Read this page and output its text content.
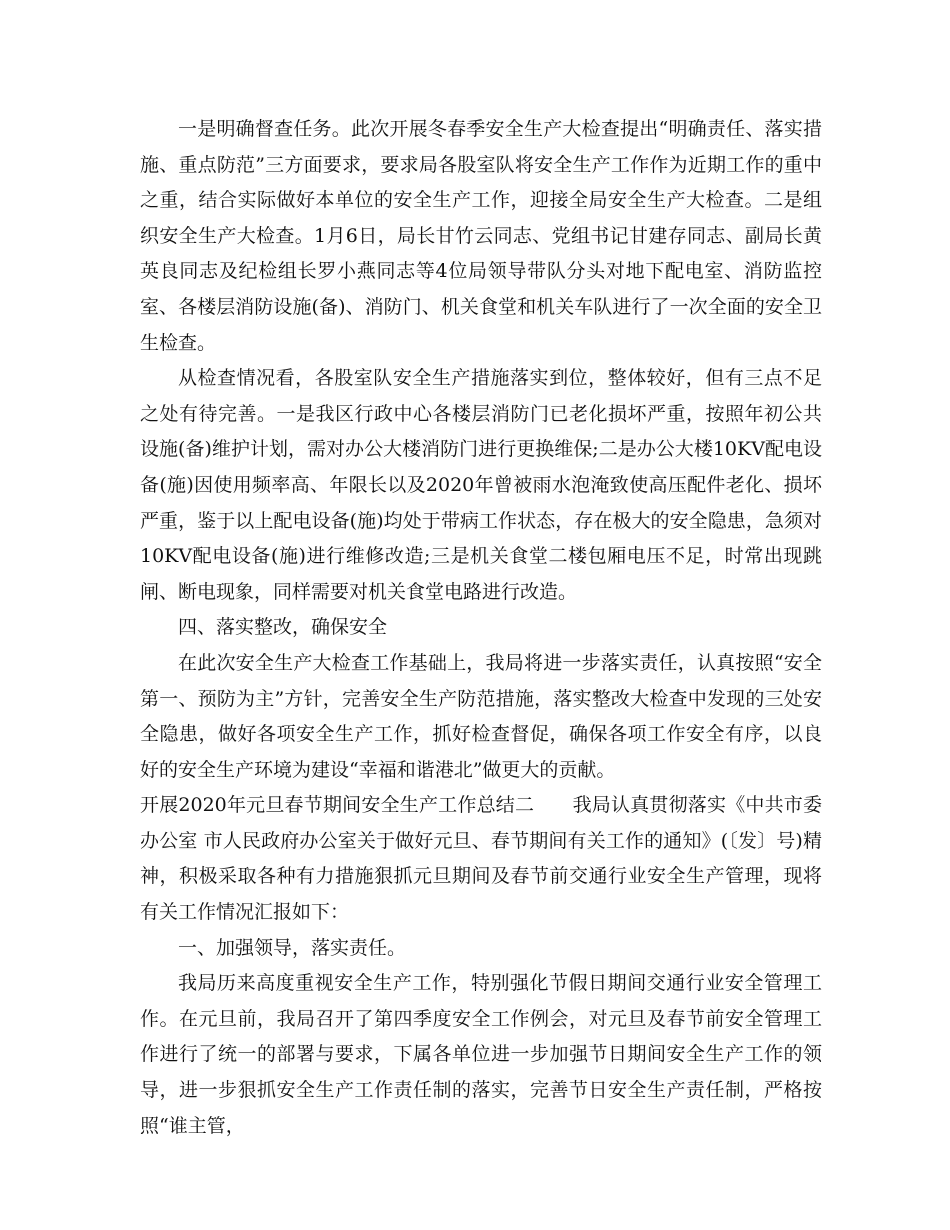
一是明确督查任务。此次开展冬春季安全生产大检查提出“明确责任、落实措施、重点防范”三方面要求，要求局各股室队将安全生产工作作为近期工作的重中之重，结合实际做好本单位的安全生产工作，迎接全局安全生产大检查。二是组织安全生产大检查。1月6日，局长甘竹云同志、党组书记甘建存同志、副局长黄英良同志及纪检组长罗小燕同志等4位局领导带队分头对地下配电室、消防监控室、各楼层消防设施(备)、消防门、机关食堂和机关车队进行了一次全面的安全卫生检查。

从检查情况看，各股室队安全生产措施落实到位，整体较好，但有三点不足之处有待完善。一是我区行政中心各楼层消防门已老化损坏严重，按照年初公共设施(备)维护计划，需对办公大楼消防门进行更换维保;二是办公大楼10KV配电设备(施)因使用频率高、年限长以及2020年曾被雨水泡淹致使高压配件老化、损坏严重，鉴于以上配电设备(施)均处于带病工作状态，存在极大的安全隐患，急须对10KV配电设备(施)进行维修改造;三是机关食堂二楼包厢电压不足，时常出现跳闸、断电现象，同样需要对机关食堂电路进行改造。

四、落实整改，确保安全

在此次安全生产大检查工作基础上，我局将进一步落实责任，认真按照“安全第一、预防为主”方针，完善安全生产防范措施，落实整改大检查中发现的三处安全隐患，做好各项安全生产工作，抓好检查督促，确保各项工作安全有序，以良好的安全生产环境为建设“幸福和谐港北”做更大的贡献。

开展2020年元旦春节期间安全生产工作总结二　　我局认真贯彻落实《中共市委办公室 市人民政府办公室关于做好元旦、春节期间有关工作的通知》(〔发〕号)精神，积极采取各种有力措施狠抓元旦期间及春节前交通行业安全生产管理，现将有关工作情况汇报如下：

一、加强领导，落实责任。

我局历来高度重视安全生产工作，特别强化节假日期间交通行业安全管理工作。在元旦前，我局召开了第四季度安全工作例会，对元旦及春节前安全管理工作进行了统一的部署与要求，下属各单位进一步加强节日期间安全生产工作的领导，进一步狠抓安全生产工作责任制的落实，完善节日安全生产责任制，严格按照“谁主管，
